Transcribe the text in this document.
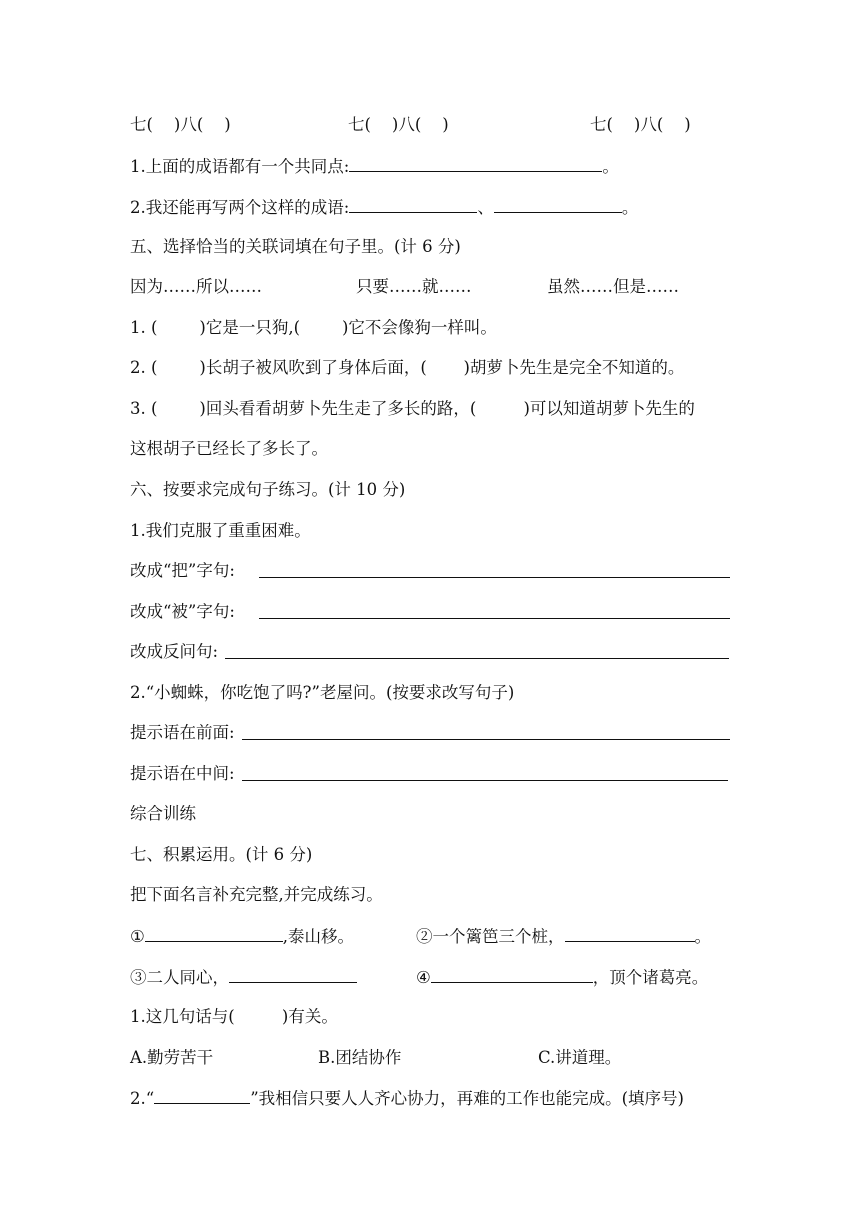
七(    )八(    )	七(    )八(    )	七(    )八(    )
1.上面的成语都有一个共同点:	。
2.我还能再写两个这样的成语:	、	。
五、选择恰当的关联词填在句子里。(计 6 分)
因为……所以……	只要……就……	虽然……但是……
1. (        )它是一只狗,(        )它不会像狗一样叫。
2. (        )长胡子被风吹到了身体后面，(       )胡萝卜先生是完全不知道的。
3. (        )回头看看胡萝卜先生走了多长的路，(         )可以知道胡萝卜先生的
这根胡子已经长了多长了。
六、按要求完成句子练习。(计 10 分)
1.我们克服了重重困难。
改成“把”字句:
改成“被”字句:
改成反问句:
2.“小蜘蛛，你吃饱了吗?”老屋问。(按要求改写句子)
提示语在前面:
提示语在中间:
综合训练
七、积累运用。(计 6 分)
把下面名言补充完整,并完成练习。
①	,泰山移。	②一个篱笆三个桩，	。
③二人同心，	④	，顶个诸葛亮。
1.这几句话与(         )有关。
A.勤劳苦干	B.团结协作	C.讲道理。
2.“	”我相信只要人人齐心协力，再难的工作也能完成。(填序号)
